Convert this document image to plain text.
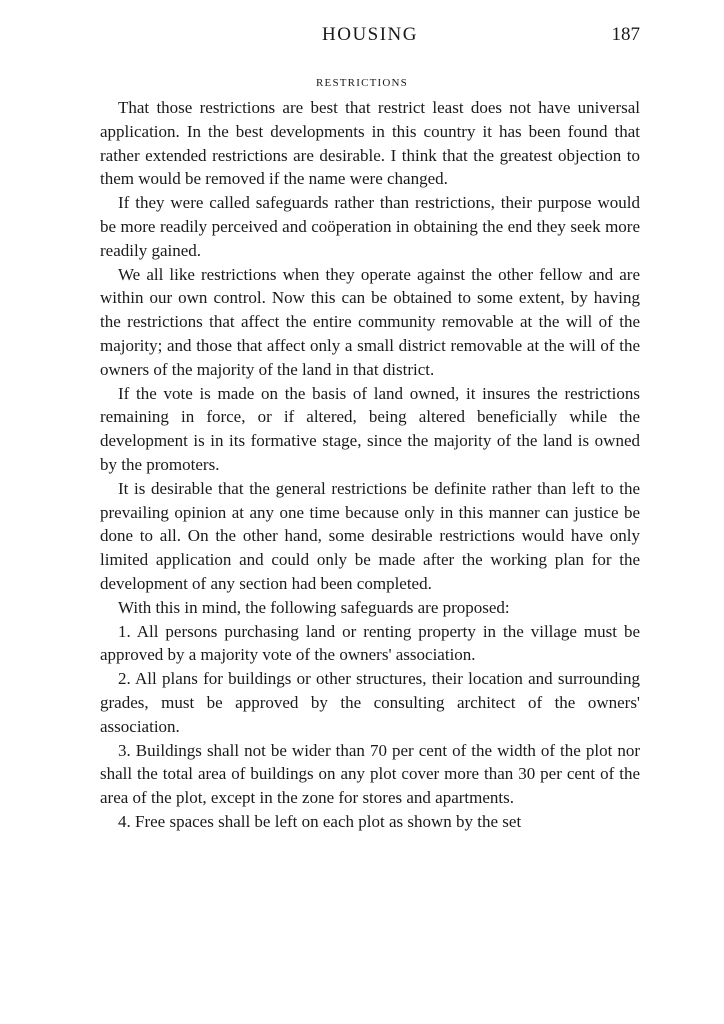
HOUSING	187
RESTRICTIONS

That those restrictions are best that restrict least does not have universal application. In the best developments in this country it has been found that rather extended restrictions are desirable. I think that the greatest objection to them would be removed if the name were changed.

If they were called safeguards rather than restrictions, their purpose would be more readily perceived and coöperation in obtaining the end they seek more readily gained.

We all like restrictions when they operate against the other fellow and are within our own control. Now this can be obtained to some extent, by having the restrictions that affect the entire community removable at the will of the majority; and those that affect only a small district removable at the will of the owners of the majority of the land in that district.

If the vote is made on the basis of land owned, it insures the restrictions remaining in force, or if altered, being altered beneficially while the development is in its formative stage, since the majority of the land is owned by the promoters.

It is desirable that the general restrictions be definite rather than left to the prevailing opinion at any one time because only in this manner can justice be done to all. On the other hand, some desirable restrictions would have only limited application and could only be made after the working plan for the development of any section had been completed.

With this in mind, the following safeguards are proposed:

1. All persons purchasing land or renting property in the village must be approved by a majority vote of the owners' association.

2. All plans for buildings or other structures, their location and surrounding grades, must be approved by the consulting architect of the owners' association.

3. Buildings shall not be wider than 70 per cent of the width of the plot nor shall the total area of buildings on any plot cover more than 30 per cent of the area of the plot, except in the zone for stores and apartments.

4. Free spaces shall be left on each plot as shown by the set
